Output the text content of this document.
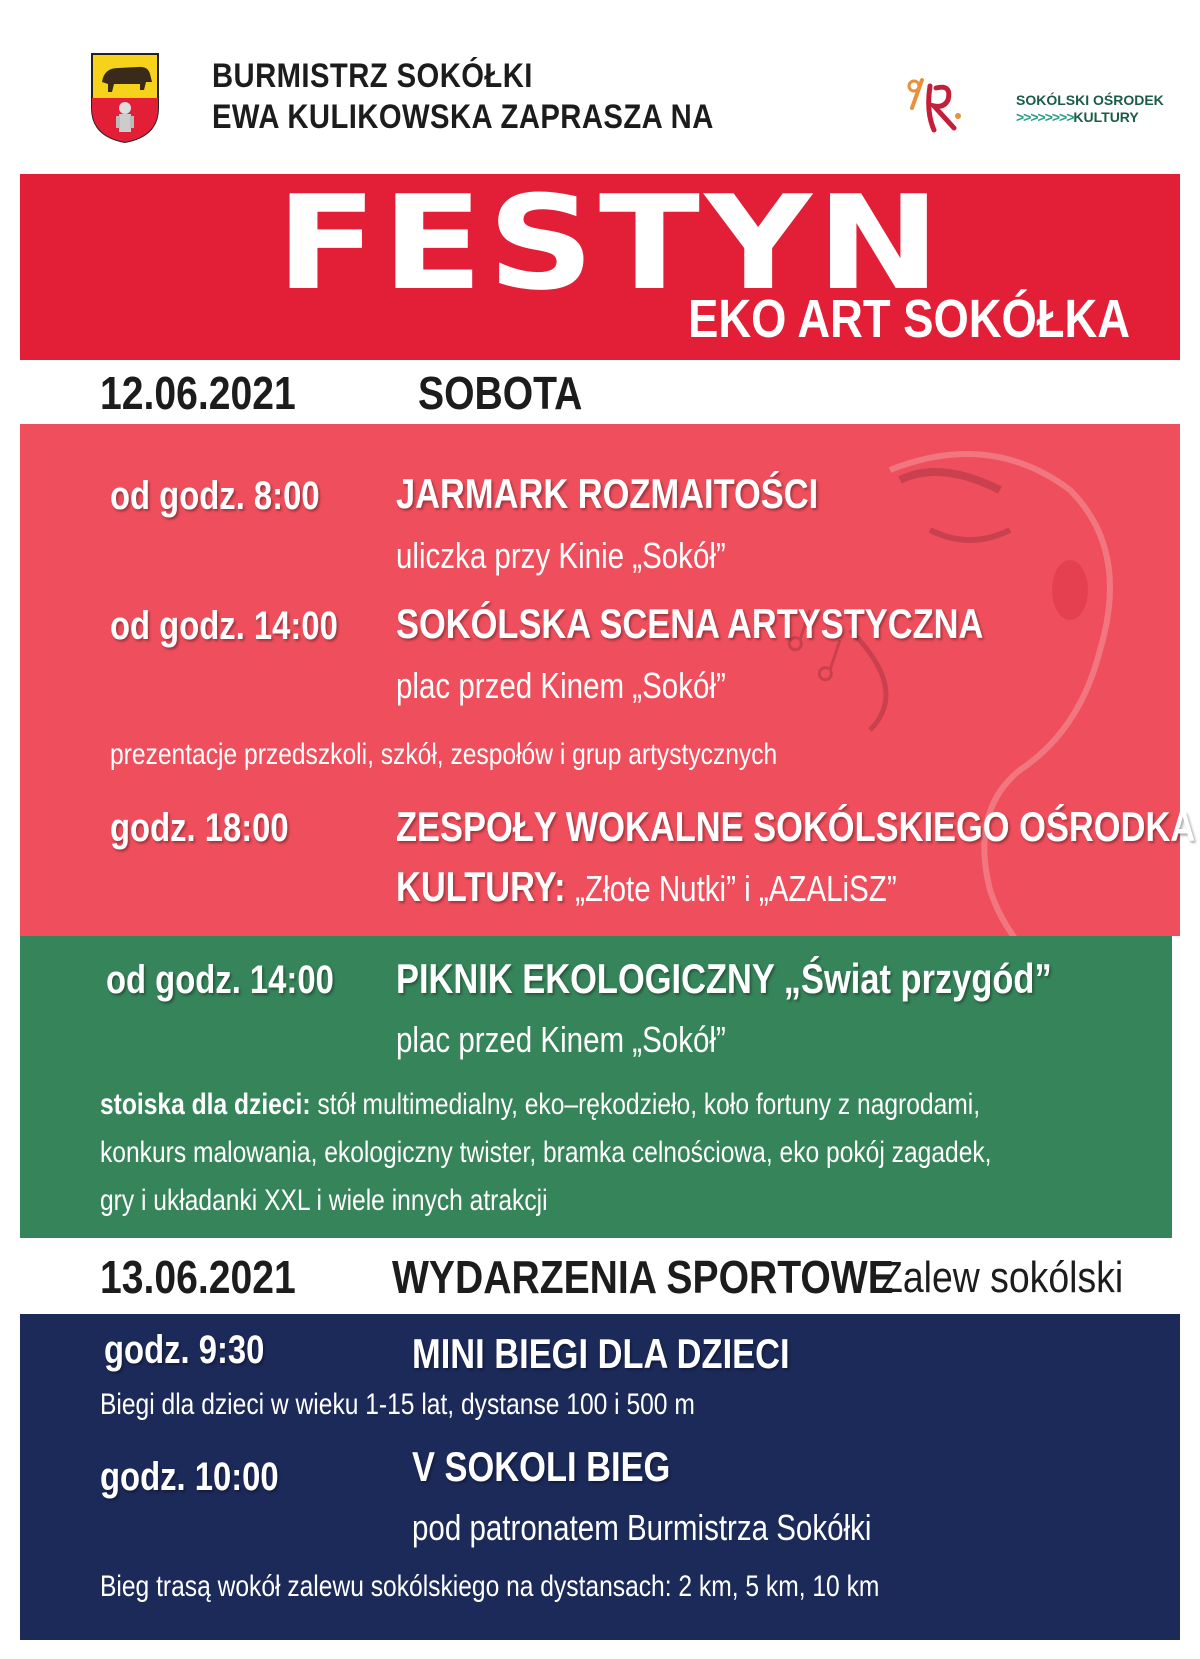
BURMISTRZ SOKÓŁKI
EWA KULIKOWSKA ZAPRASZA NA	SOKÓLSKI OŚRODEK
>>>>>>>>KULTURY
FESTYN
EKO ART SOKÓŁKA
12.06.2021	SOBOTA
od godz. 8:00 JARMARK ROZMAITOŚCI
uliczka przy Kinie „Sokół”
od godz. 14:00 SOKÓLSKA SCENA ARTYSTYCZNA
plac przed Kinem „Sokół”
prezentacje przedszkoli, szkół, zespołów i grup artystycznych
godz. 18:00	ZESPOŁY WOKALNE SOKÓLSKIEGO OŚRODKA
KULTURY: „Złote Nutki” i „AZALiSZ”
od godz. 14:00 PIKNIK EKOLOGICZNY „Świat przygód”
plac przed Kinem „Sokół”
stoiska dla dzieci: stół multimedialny, eko–rękodzieło, koło fortuny z nagrodami,
konkurs malowania, ekologiczny twister, bramka celnościowa, eko pokój zagadek,
gry i układanki XXL i wiele innych atrakcji
13.06.2021 WYDARZENIA SPORTOWE
Zalew sokólski
godz. 9:30	MINI BIEGI DLA DZIECI
Biegi dla dzieci w wieku 1-15 lat, dystanse 100 i 500 m
godz. 10:00	V SOKOLI BIEG
pod patronatem Burmistrza Sokółki
Bieg trasą wokół zalewu sokólskiego na dystansach: 2 km, 5 km, 10 km
